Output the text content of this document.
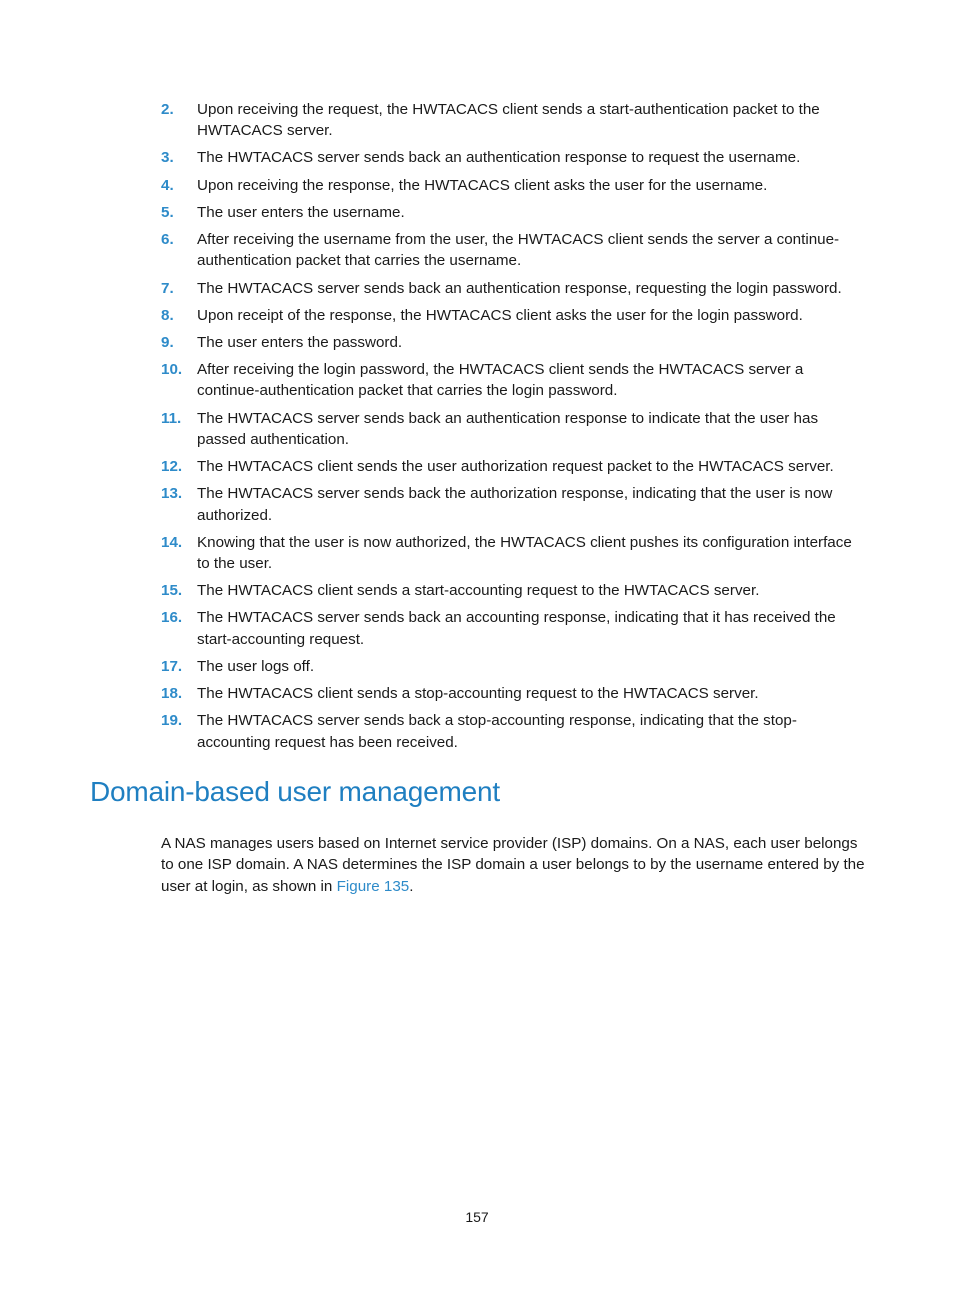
2.	Upon receiving the request, the HWTACACS client sends a start-authentication packet to the HWTACACS server.
3.	The HWTACACS server sends back an authentication response to request the username.
4.	Upon receiving the response, the HWTACACS client asks the user for the username.
5.	The user enters the username.
6.	After receiving the username from the user, the HWTACACS client sends the server a continue-authentication packet that carries the username.
7.	The HWTACACS server sends back an authentication response, requesting the login password.
8.	Upon receipt of the response, the HWTACACS client asks the user for the login password.
9.	The user enters the password.
10. After receiving the login password, the HWTACACS client sends the HWTACACS server a continue-authentication packet that carries the login password.
11.	The HWTACACS server sends back an authentication response to indicate that the user has passed authentication.
12. The HWTACACS client sends the user authorization request packet to the HWTACACS server.
13. The HWTACACS server sends back the authorization response, indicating that the user is now authorized.
14. Knowing that the user is now authorized, the HWTACACS client pushes its configuration interface to the user.
15. The HWTACACS client sends a start-accounting request to the HWTACACS server.
16. The HWTACACS server sends back an accounting response, indicating that it has received the start-accounting request.
17. The user logs off.
18. The HWTACACS client sends a stop-accounting request to the HWTACACS server.
19. The HWTACACS server sends back a stop-accounting response, indicating that the stop-accounting request has been received.
Domain-based user management

A NAS manages users based on Internet service provider (ISP) domains. On a NAS, each user belongs to one ISP domain. A NAS determines the ISP domain a user belongs to by the username entered by the user at login, as shown in Figure 135.

157
